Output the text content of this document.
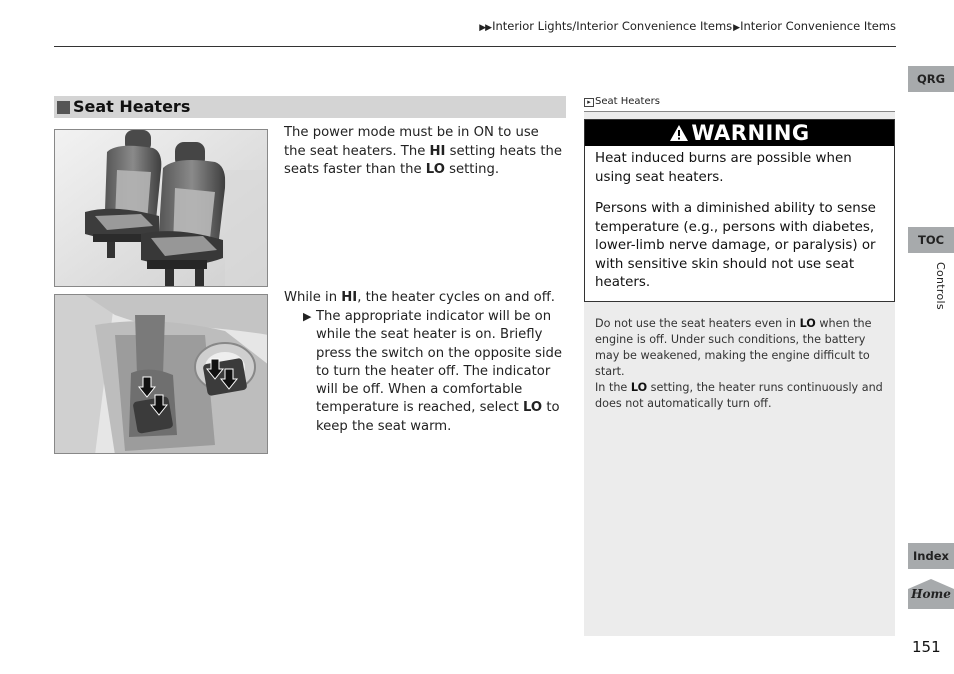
▶▶Interior Lights/Interior Convenience Items▶Interior Convenience Items
Seat Heaters
The power mode must be in ON to use the seat heaters. The HI setting heats the seats faster than the LO setting.
While in HI, the heater cycles on and off.
▶ The appropriate indicator will be on while the seat heater is on. Briefly press the switch on the opposite side to turn the heater off. The indicator will be off. When a comfortable temperature is reached, select LO to keep the seat warm.
▸ Seat Heaters
WARNING
Heat induced burns are possible when using seat heaters.
Persons with a diminished ability to sense temperature (e.g., persons with diabetes, lower-limb nerve damage, or paralysis) or with sensitive skin should not use seat heaters.
Do not use the seat heaters even in LO when the engine is off. Under such conditions, the battery may be weakened, making the engine difficult to start.
In the LO setting, the heater runs continuously and does not automatically turn off.
QRG
TOC
Controls
Index
Home
151
